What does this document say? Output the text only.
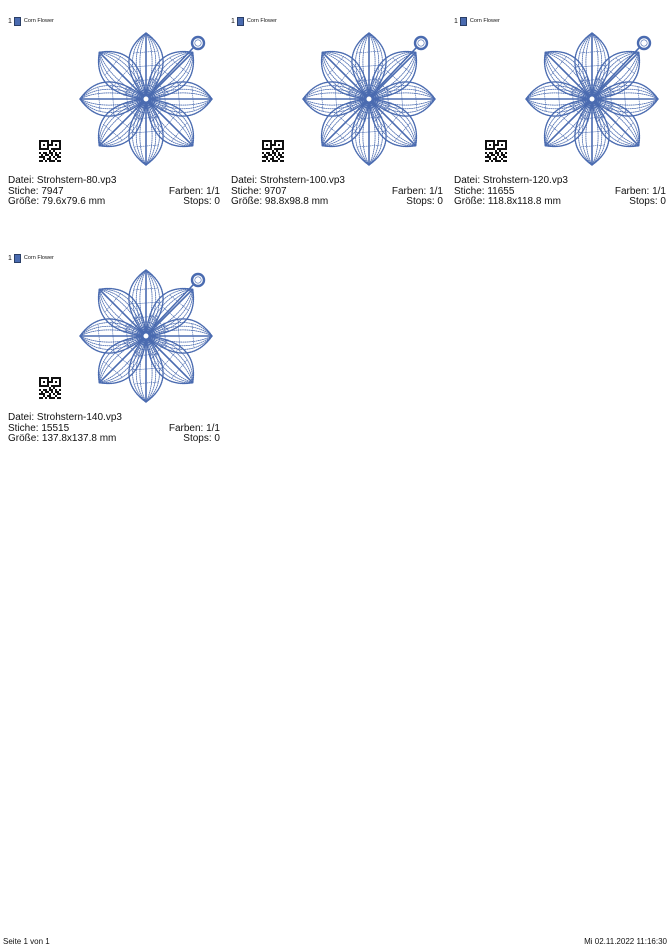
1 Corn Flower
Datei: Strohstern-80.vp3
Stiche: 7947	Farben: 1/1
Größe: 79.6x79.6 mm	Stops: 0
1 Corn Flower
Datei: Strohstern-100.vp3
Stiche: 9707	Farben: 1/1
Größe: 98.8x98.8 mm	Stops: 0
1 Corn Flower
Datei: Strohstern-120.vp3
Stiche: 11655	Farben: 1/1
Größe: 118.8x118.8 mm	Stops: 0
1 Corn Flower
Datei: Strohstern-140.vp3
Stiche: 15515	Farben: 1/1
Größe: 137.8x137.8 mm	Stops: 0
Seite 1 von 1	Mi 02.11.2022 11:16:30
